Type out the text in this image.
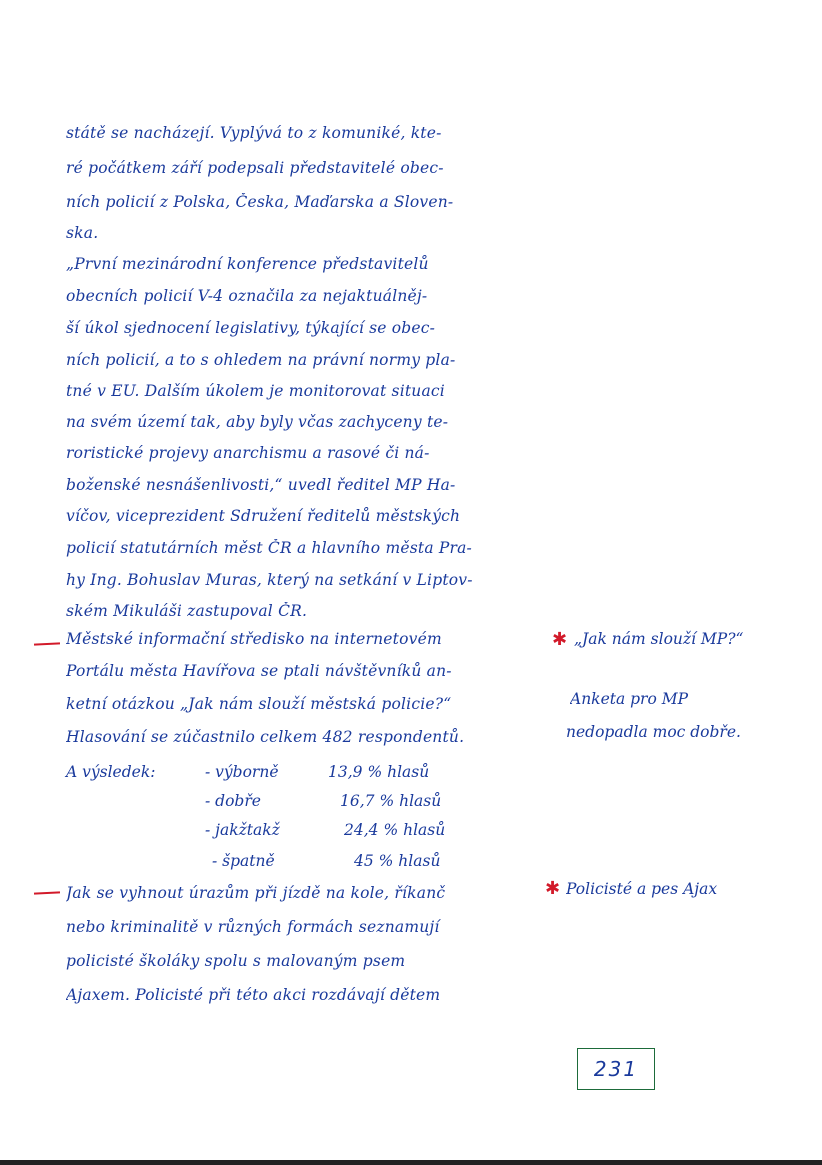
státě se nacházejí. Vyplývá to z komuniké, kte-
ré počátkem září podepsali představitelé obec-
ních policií z Polska, Česka, Maďarska a Sloven-
ska.
„První mezinárodní konference představitelů
obecních policií V-4 označila za nejaktuálněj-
ší úkol sjednocení legislativy, týkající se obec-
ních policií, a to s ohledem na právní normy pla-
tné v EU. Dalším úkolem je monitorovat situaci
na svém území tak, aby byly včas zachyceny te-
roristické projevy anarchismu a rasové či ná-
boženské nesnášenlivosti,“ uvedl ředitel MP Ha-
víčov, viceprezident Sdružení ředitelů městských
policií statutárních měst ČR a hlavního města Pra-
hy Ing. Bohuslav Muras, který na setkání v Liptov-
ském Mikuláši zastupoval ČR.
Městské informační středisko na internetovém
Portálu města Havířova se ptali návštěvníků an-
ketní otázkou „Jak nám slouží městská policie?“
Hlasování se zúčastnilo celkem 482 respondentů.
A výsledek:	- výborně	13,9 % hlasů
- dobře	16,7 % hlasů
- jakžtakž	24,4 % hlasů
- špatně	45 % hlasů
Jak se vyhnout úrazům při jízdě na kole, říkanč
nebo kriminalitě v různých formách seznamují
policisté školáky spolu s malovaným psem
Ajaxem. Policisté při této akci rozdávají dětem
✱ „Jak nám slouží MP?“
Anketa pro MP
nedopadla moc dobře.
✱ Policisté a pes Ajax
231
